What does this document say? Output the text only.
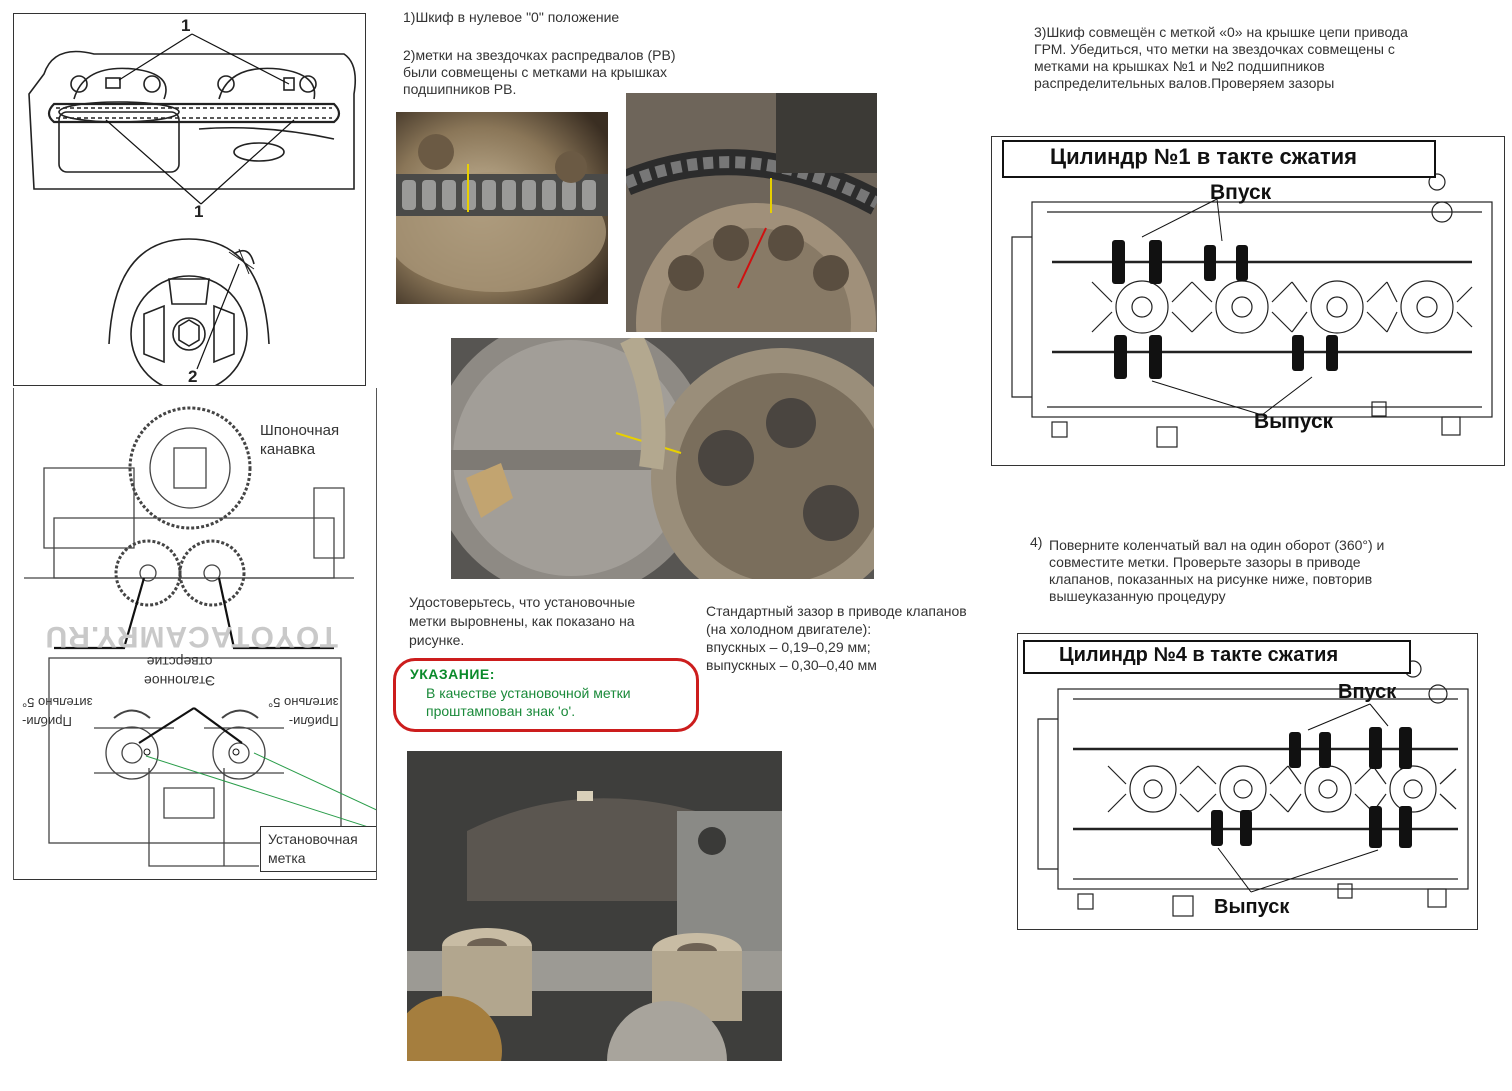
1
1
2
Шпоночная
канавка
TOYOTACAMRY.RU
Эталонное
отверстие
Прибли-
зительно 5°
Прибли-
зительно 5°
Установочная
метка
1)Шкиф в нулевое "0" положение
2)метки на звездочках распредвалов (РВ)
были совмещены с метками на крышках
подшипников РВ.
3)Шкиф совмещён с меткой «0» на крышке цепи привода
ГРМ. Убедиться, что метки на звездочках совмещены с
метками на крышках №1 и №2 подшипников
распределительных валов.Проверяем зазоры
4) Поверните коленчатый вал на один оборот (360°) и
совместите метки. Проверьте зазоры в приводе
клапанов, показанных на рисунке ниже, повторив
вышеуказанную процедуру
Удостоверьтесь, что установочные
метки выровнены, как показано на
рисунке.
УКАЗАНИЕ:
В качестве установочной метки
проштампован знак 'о'.
Стандартный зазор в приводе клапанов
(на холодном двигателе):
впускных – 0,19–0,29 мм;
выпускных – 0,30–0,40 мм
Цилиндр №1 в такте сжатия
Впуск
Выпуск
Цилиндр №4 в такте сжатия
Впуск
Выпуск
